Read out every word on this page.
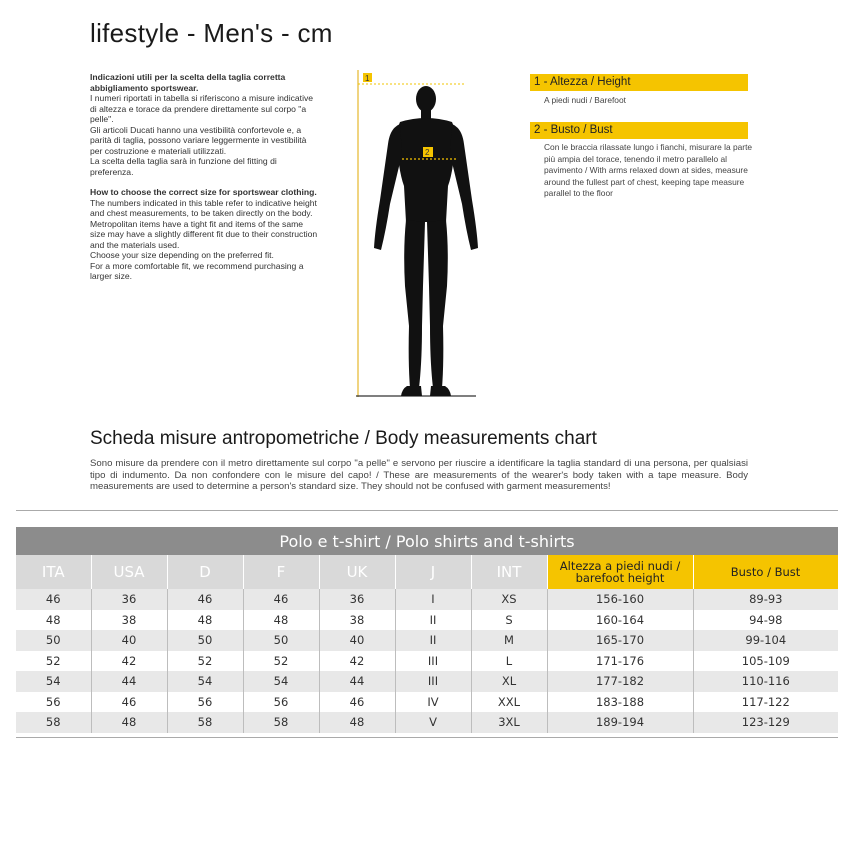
lifestyle - Men's - cm

Indicazioni utili per la scelta della taglia corretta abbigliamento sportswear.

I numeri riportati in tabella si riferiscono a misure indicative di altezza e torace da prendere direttamente sul corpo "a pelle".

Gli articoli Ducati hanno una vestibilità confortevole e, a parità di taglia, possono variare leggermente in vestibilità per costruzione e materiali utilizzati.

La scelta della taglia sarà in funzione del fitting di preferenza.

How to choose the correct size for sportswear clothing.

The numbers indicated in this table refer to indicative height and chest measurements, to be taken directly on the body.

Metropolitan items have a tight fit and items of the same size may have a slightly different fit due to their construction and the materials used.

Choose your size depending on the preferred fit.

For a more comfortable fit, we recommend purchasing a larger size.

1
2
1 - Altezza / Height
A piedi nudi / Barefoot
2 - Busto / Bust
Con le braccia rilassate lungo i fianchi, misurare la parte più ampia del torace, tenendo il metro parallelo al pavimento / With arms relaxed down at sides, measure around the fullest part of chest, keeping tape measure parallel to the floor
Scheda misure antropometriche / Body measurements chart
Sono misure da prendere con il metro direttamente sul corpo "a pelle" e servono per riuscire a identificare la taglia standard di una persona, per qualsiasi tipo di indumento. Da non confondere con le misure del capo! / These are measurements of the wearer's body taken with a tape measure. Body measurements are used to determine a person's standard size. They should not be confused with garment measurements!
Polo e t-shirt / Polo shirts and t-shirts								
ITA	USA	D	F	UK	J	INT	Altezza a piedi nudi / barefoot height	Busto / Bust
46	36	46	46	36	I	XS	156-160	89-93
48	38	48	48	38	II	S	160-164	94-98
50	40	50	50	40	II	M	165-170	99-104
52	42	52	52	42	III	L	171-176	105-109
54	44	54	54	44	III	XL	177-182	110-116
56	46	56	56	46	IV	XXL	183-188	117-122
58	48	58	58	48	V	3XL	189-194	123-129
